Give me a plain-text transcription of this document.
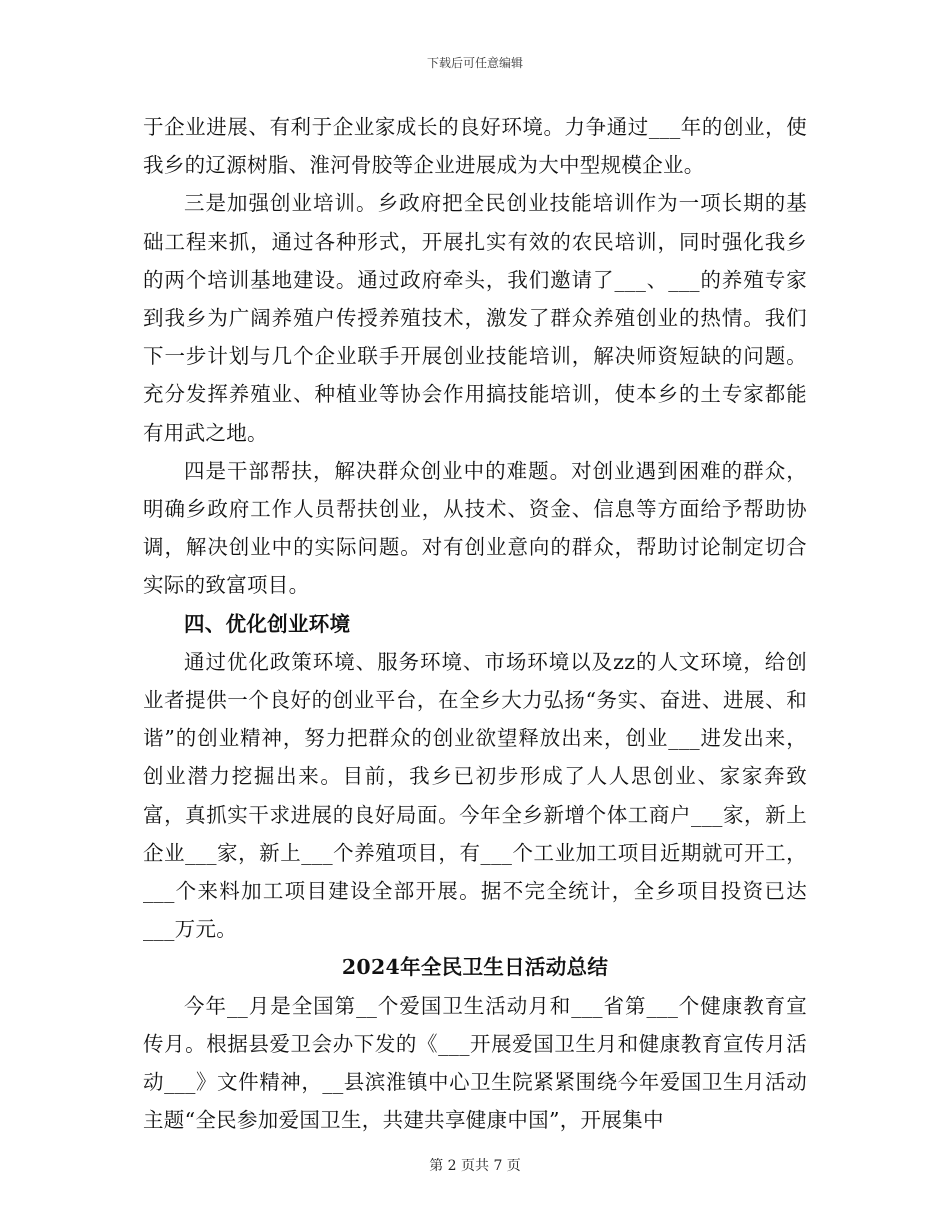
下载后可任意编辑

于企业进展、有利于企业家成长的良好环境。力争通过___年的创业，使我乡的辽源树脂、淮河骨胶等企业进展成为大中型规模企业。

三是加强创业培训。乡政府把全民创业技能培训作为一项长期的基础工程来抓，通过各种形式，开展扎实有效的农民培训，同时强化我乡的两个培训基地建设。通过政府牵头，我们邀请了___、___的养殖专家到我乡为广阔养殖户传授养殖技术，激发了群众养殖创业的热情。我们下一步计划与几个企业联手开展创业技能培训，解决师资短缺的问题。充分发挥养殖业、种植业等协会作用搞技能培训，使本乡的土专家都能有用武之地。

四是干部帮扶，解决群众创业中的难题。对创业遇到困难的群众，明确乡政府工作人员帮扶创业，从技术、资金、信息等方面给予帮助协调，解决创业中的实际问题。对有创业意向的群众，帮助讨论制定切合实际的致富项目。

四、优化创业环境

通过优化政策环境、服务环境、市场环境以及zz的人文环境，给创业者提供一个良好的创业平台，在全乡大力弘扬“务实、奋进、进展、和谐”的创业精神，努力把群众的创业欲望释放出来，创业___进发出来，创业潜力挖掘出来。目前，我乡已初步形成了人人思创业、家家奔致富，真抓实干求进展的良好局面。今年全乡新增个体工商户___家，新上企业___家，新上___个养殖项目，有___个工业加工项目近期就可开工，___个来料加工项目建设全部开展。据不完全统计，全乡项目投资已达___万元。

2024年全民卫生日活动总结

今年__月是全国第__个爱国卫生活动月和___省第___个健康教育宣传月。根据县爱卫会办下发的《___开展爱国卫生月和健康教育宣传月活动___》文件精神，__县滨淮镇中心卫生院紧紧围绕今年爱国卫生月活动主题“全民参加爱国卫生，共建共享健康中国”，开展集中

第 2 页共 7 页
